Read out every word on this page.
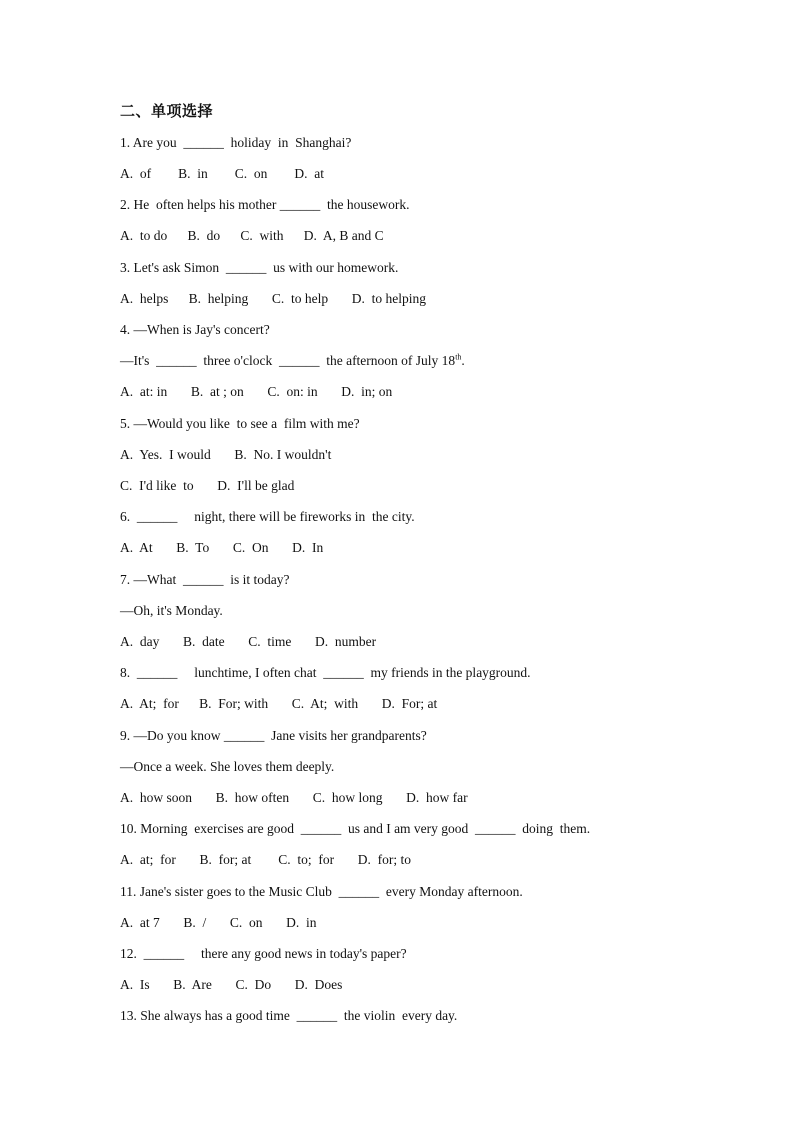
二、单项选择
1. Are you  ______  holiday  in  Shanghai?
A.  of        B.  in        C.  on        D.  at
2. He  often helps his mother ______  the housework.
A.  to do      B.  do      C.  with      D.  A, B and C
3. Let's ask Simon  ______  us with our homework.
A.  helps      B.  helping       C.  to help       D.  to helping
4. —When is Jay's concert?
—It's  ______  three o'clock  ______  the afternoon of July 18th.
A.  at: in       B.  at ; on       C.  on: in       D.  in; on
5. —Would you like  to see a  film with me?
A.  Yes.  I would       B.  No. I wouldn't
C.  I'd like  to       D.  I'll be glad
6.  ______     night, there will be fireworks in  the city.
A.  At       B.  To       C.  On       D.  In
7. —What  ______  is it today?
—Oh, it's Monday.
A.  day       B.  date       C.  time       D.  number
8.  ______     lunchtime, I often chat  ______  my friends in the playground.
A.  At;  for      B.  For; with       C.  At;  with       D.  For; at
9. —Do you know ______  Jane visits her grandparents?
—Once a week. She loves them deeply.
A.  how soon       B.  how often       C.  how long       D.  how far
10. Morning  exercises are good  ______  us and I am very good  ______  doing  them.
A.  at;  for       B.  for; at        C.  to;  for       D.  for; to
11. Jane's sister goes to the Music Club  ______  every Monday afternoon.
A.  at 7       B.  /       C.  on       D.  in
12.  ______     there any good news in today's paper?
A.  Is       B.  Are       C.  Do       D.  Does
13. She always has a good time  ______  the violin  every day.
